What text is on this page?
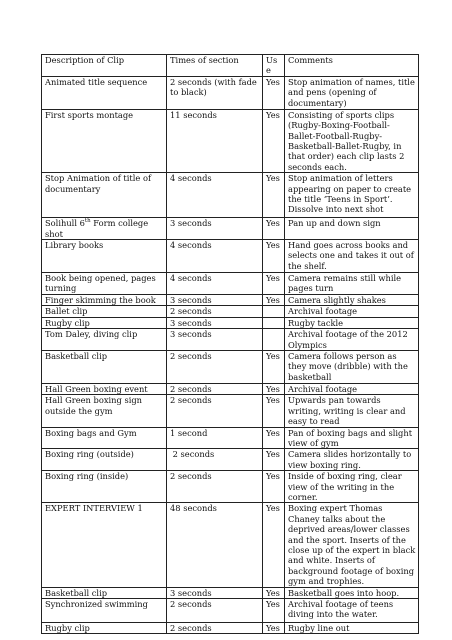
Description of Clip	Times of section	Use	Comments
Animated title sequence	2 seconds (with fade to black)	Yes	Stop animation of names, title and pens (opening of documentary)
First sports montage	11 seconds	Yes	Consisting of sports clips (Rugby-Boxing-Football-Ballet-Football-Rugby-Basketball-Ballet-Rugby, in that order) each clip lasts 2 seconds each.
Stop Animation of title of documentary	4 seconds	Yes	Stop animation of letters appearing on paper to create the title ‘Teens in Sport’. Dissolve into next shot
Solihull 6th Form college shot	3 seconds	Yes	Pan up and down sign
Library books	4 seconds	Yes	Hand goes across books and selects one and takes it out of the shelf.
Book being opened, pages turning	4 seconds	Yes	Camera remains still while pages turn
Finger skimming the book	3 seconds	Yes	Camera slightly shakes
Ballet clip	2 seconds		Archival footage
Rugby clip	3 seconds		Rugby tackle
Tom Daley, diving clip	3 seconds		Archival footage of the 2012 Olympics
Basketball clip	2 seconds	Yes	Camera follows person as they move (dribble) with the basketball
Hall Green boxing event	2 seconds	Yes	Archival footage
Hall Green boxing sign outside the gym	2 seconds	Yes	Upwards pan towards writing, writing is clear and easy to read
Boxing bags and Gym	1 second	Yes	Pan of boxing bags and slight view of gym
Boxing ring (outside)	2 seconds	Yes	Camera slides horizontally to view boxing ring.
Boxing ring (inside)	2 seconds	Yes	Inside of boxing ring, clear view of the writing in the corner.
EXPERT INTERVIEW 1	48 seconds	Yes	Boxing expert Thomas Chaney talks about the deprived areas/lower classes and the sport. Inserts of the close up of the expert in black and white. Inserts of background footage of boxing gym and trophies.
Basketball clip	3 seconds	Yes	Basketball goes into hoop.
Synchronized swimming	2 seconds	Yes	Archival footage of teens diving into the water.
Rugby clip	2 seconds	Yes	Rugby line out
